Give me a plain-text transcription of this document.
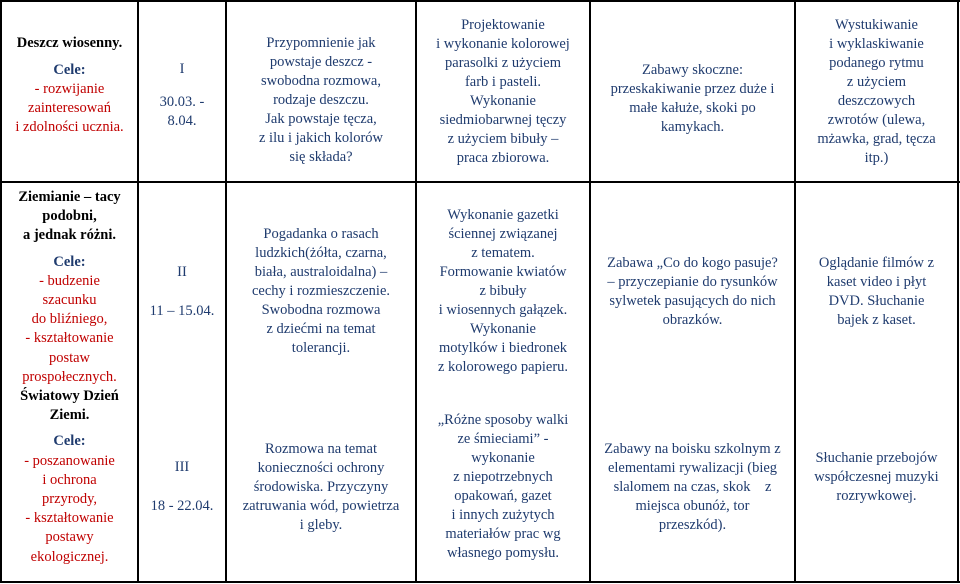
Deszcz wiosenny.
Cele:
- rozwijanie
zainteresowań
i zdolności ucznia.
I
30.03. -
8.04.
Przypomnienie jak
powstaje deszcz -
swobodna rozmowa,
rodzaje deszczu.
Jak powstaje tęcza,
z ilu i jakich kolorów
się składa?
Projektowanie
i wykonanie kolorowej
parasolki z użyciem
farb i pasteli.
Wykonanie
siedmiobarwnej tęczy
z użyciem bibuły –
praca zbiorowa.
Zabawy skoczne:
przeskakiwanie przez duże i
małe kałuże, skoki po
kamykach.
Wystukiwanie
i wyklaskiwanie
podanego rytmu
z użyciem
deszczowych
zwrotów (ulewa,
mżawka, grad, tęcza
itp.)
Ziemianie – tacy
podobni,
a jednak różni.
Cele:
- budzenie
szacunku
do bliźniego,
- kształtowanie
postaw
prospołecznych.
Światowy Dzień
Ziemi.
Cele:
- poszanowanie
i ochrona
przyrody,
- kształtowanie
postawy
ekologicznej.
II
11 – 15.04.
III
18 - 22.04.
Pogadanka o rasach
ludzkich(żółta, czarna,
biała, australoidalna) –
cechy i rozmieszczenie.
Swobodna rozmowa
z dziećmi na temat
tolerancji.
Wykonanie gazetki
ściennej związanej
z tematem.
Formowanie kwiatów
z bibuły
i wiosennych gałązek.
Wykonanie
motylków i biedronek
z kolorowego papieru.
Zabawa „Co do kogo pasuje?
– przyczepianie do rysunków
sylwetek pasujących do nich
obrazków.
Oglądanie filmów z
kaset video i płyt
DVD. Słuchanie
bajek z kaset.
Rozmowa na temat
konieczności ochrony
środowiska. Przyczyny
zatruwania wód, powietrza
i gleby.
„Różne sposoby walki
ze śmieciami” -
wykonanie
z niepotrzebnych
opakowań, gazet
i innych zużytych
materiałów prac wg
własnego pomysłu.
Zabawy na boisku szkolnym z
elementami rywalizacji (bieg
slalomem na czas, skok    z
miejsca obunóż, tor
przeszkód).
Słuchanie przebojów
współczesnej muzyki
rozrywkowej.
